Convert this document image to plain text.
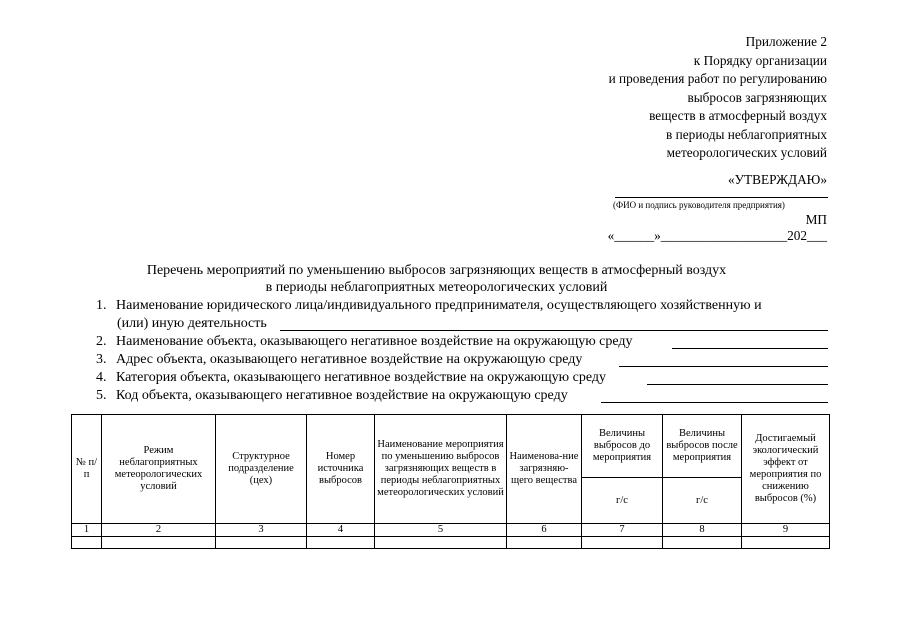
Приложение 2
к Порядку организации
и проведения работ по регулированию
выбросов загрязняющих
веществ в атмосферный воздух
в периоды неблагоприятных
метеорологических условий
«УТВЕРЖДАЮ»
(ФИО и подпись руководителя предприятия)
МП
«______»___________________202___
Перечень мероприятий по уменьшению выбросов загрязняющих веществ в атмосферный воздух
в периоды неблагоприятных метеорологических условий
1. Наименование юридического лица/индивидуального предпринимателя, осуществляющего хозяйственную и
(или) иную деятельность
2. Наименование объекта, оказывающего негативное воздействие на окружающую среду
3. Адрес объекта, оказывающего негативное воздействие на окружающую среду
4. Категория объекта, оказывающего негативное воздействие на окружающую среду
5. Код объекта, оказывающего негативное воздействие на окружающую среду
№ п/п	Режим неблагоприятных метеорологических условий	Структурное подразделение (цех)	Номер источника выбросов	Наименование мероприятия по уменьшению выбросов загрязняющих веществ в периоды неблагоприятных метеорологических условий	Наименова-ние загрязняю-щего вещества	Величины выбросов до мероприятия	Величины выбросов после мероприятия	Достигаемый экологический эффект от мероприятия по снижению выбросов (%)
						г/с	г/с	
1	2	3	4	5	6	7	8	9
